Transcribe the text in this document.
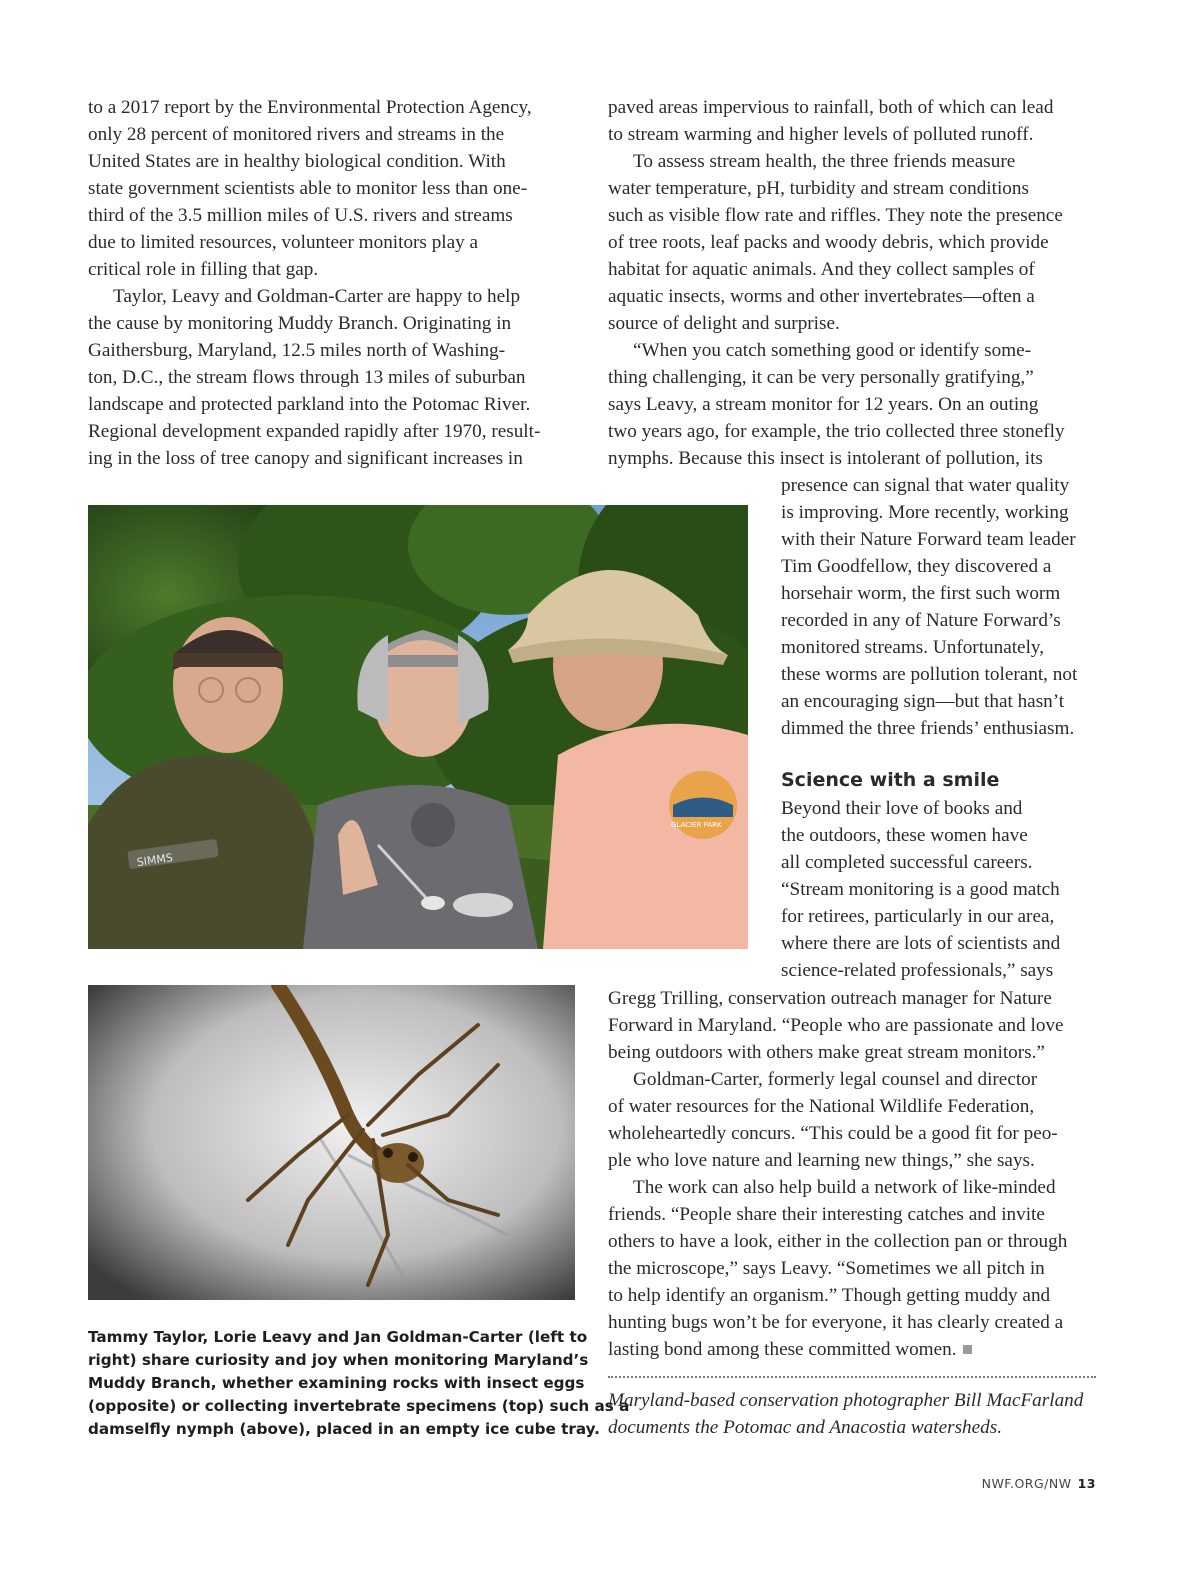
to a 2017 report by the Environmental Protection Agency,
only 28 percent of monitored rivers and streams in the
United States are in healthy biological condition. With
state government scientists able to monitor less than one-
third of the 3.5 million miles of U.S. rivers and streams
due to limited resources, volunteer monitors play a
critical role in filling that gap.
Taylor, Leavy and Goldman-Carter are happy to help
the cause by monitoring Muddy Branch. Originating in
Gaithersburg, Maryland, 12.5 miles north of Washing-
ton, D.C., the stream flows through 13 miles of suburban
landscape and protected parkland into the Potomac River.
Regional development expanded rapidly after 1970, result-
ing in the loss of tree canopy and significant increases in
paved areas impervious to rainfall, both of which can lead
to stream warming and higher levels of polluted runoff.
To assess stream health, the three friends measure
water temperature, pH, turbidity and stream conditions
such as visible flow rate and riffles. They note the presence
of tree roots, leaf packs and woody debris, which provide
habitat for aquatic animals. And they collect samples of
aquatic insects, worms and other invertebrates—often a
source of delight and surprise.
“When you catch something good or identify some-
thing challenging, it can be very personally gratifying,”
says Leavy, a stream monitor for 12 years. On an outing
two years ago, for example, the trio collected three stonefly
nymphs. Because this insect is intolerant of pollution, its
presence can signal that water quality
is improving. More recently, working
with their Nature Forward team leader
Tim Goodfellow, they discovered a
horsehair worm, the first such worm
recorded in any of Nature Forward’s
monitored streams. Unfortunately,
these worms are pollution tolerant, not
an encouraging sign—but that hasn’t
dimmed the three friends’ enthusiasm.
Science with a smile
Beyond their love of books and
the outdoors, these women have
all completed successful careers.
“Stream monitoring is a good match
for retirees, particularly in our area,
where there are lots of scientists and
science-related professionals,” says
Gregg Trilling, conservation outreach manager for Nature
Forward in Maryland. “People who are passionate and love
being outdoors with others make great stream monitors.”
Goldman-Carter, formerly legal counsel and director
of water resources for the National Wildlife Federation,
wholeheartedly concurs. “This could be a good fit for peo-
ple who love nature and learning new things,” she says.
The work can also help build a network of like-minded
friends. “People share their interesting catches and invite
others to have a look, either in the collection pan or through
the microscope,” says Leavy. “Sometimes we all pitch in
to help identify an organism.” Though getting muddy and
hunting bugs won’t be for everyone, it has clearly created a
lasting bond among these committed women.
SIMMS
GLACIER PARK
Tammy Taylor, Lorie Leavy and Jan Goldman-Carter (left to
right) share curiosity and joy when monitoring Maryland’s
Muddy Branch, whether examining rocks with insect eggs
(opposite) or collecting invertebrate specimens (top) such as a
damselfly nymph (above), placed in an empty ice cube tray.
Maryland-based conservation photographer Bill MacFarland
documents the Potomac and Anacostia watersheds.
NWF.ORG/NW 13
